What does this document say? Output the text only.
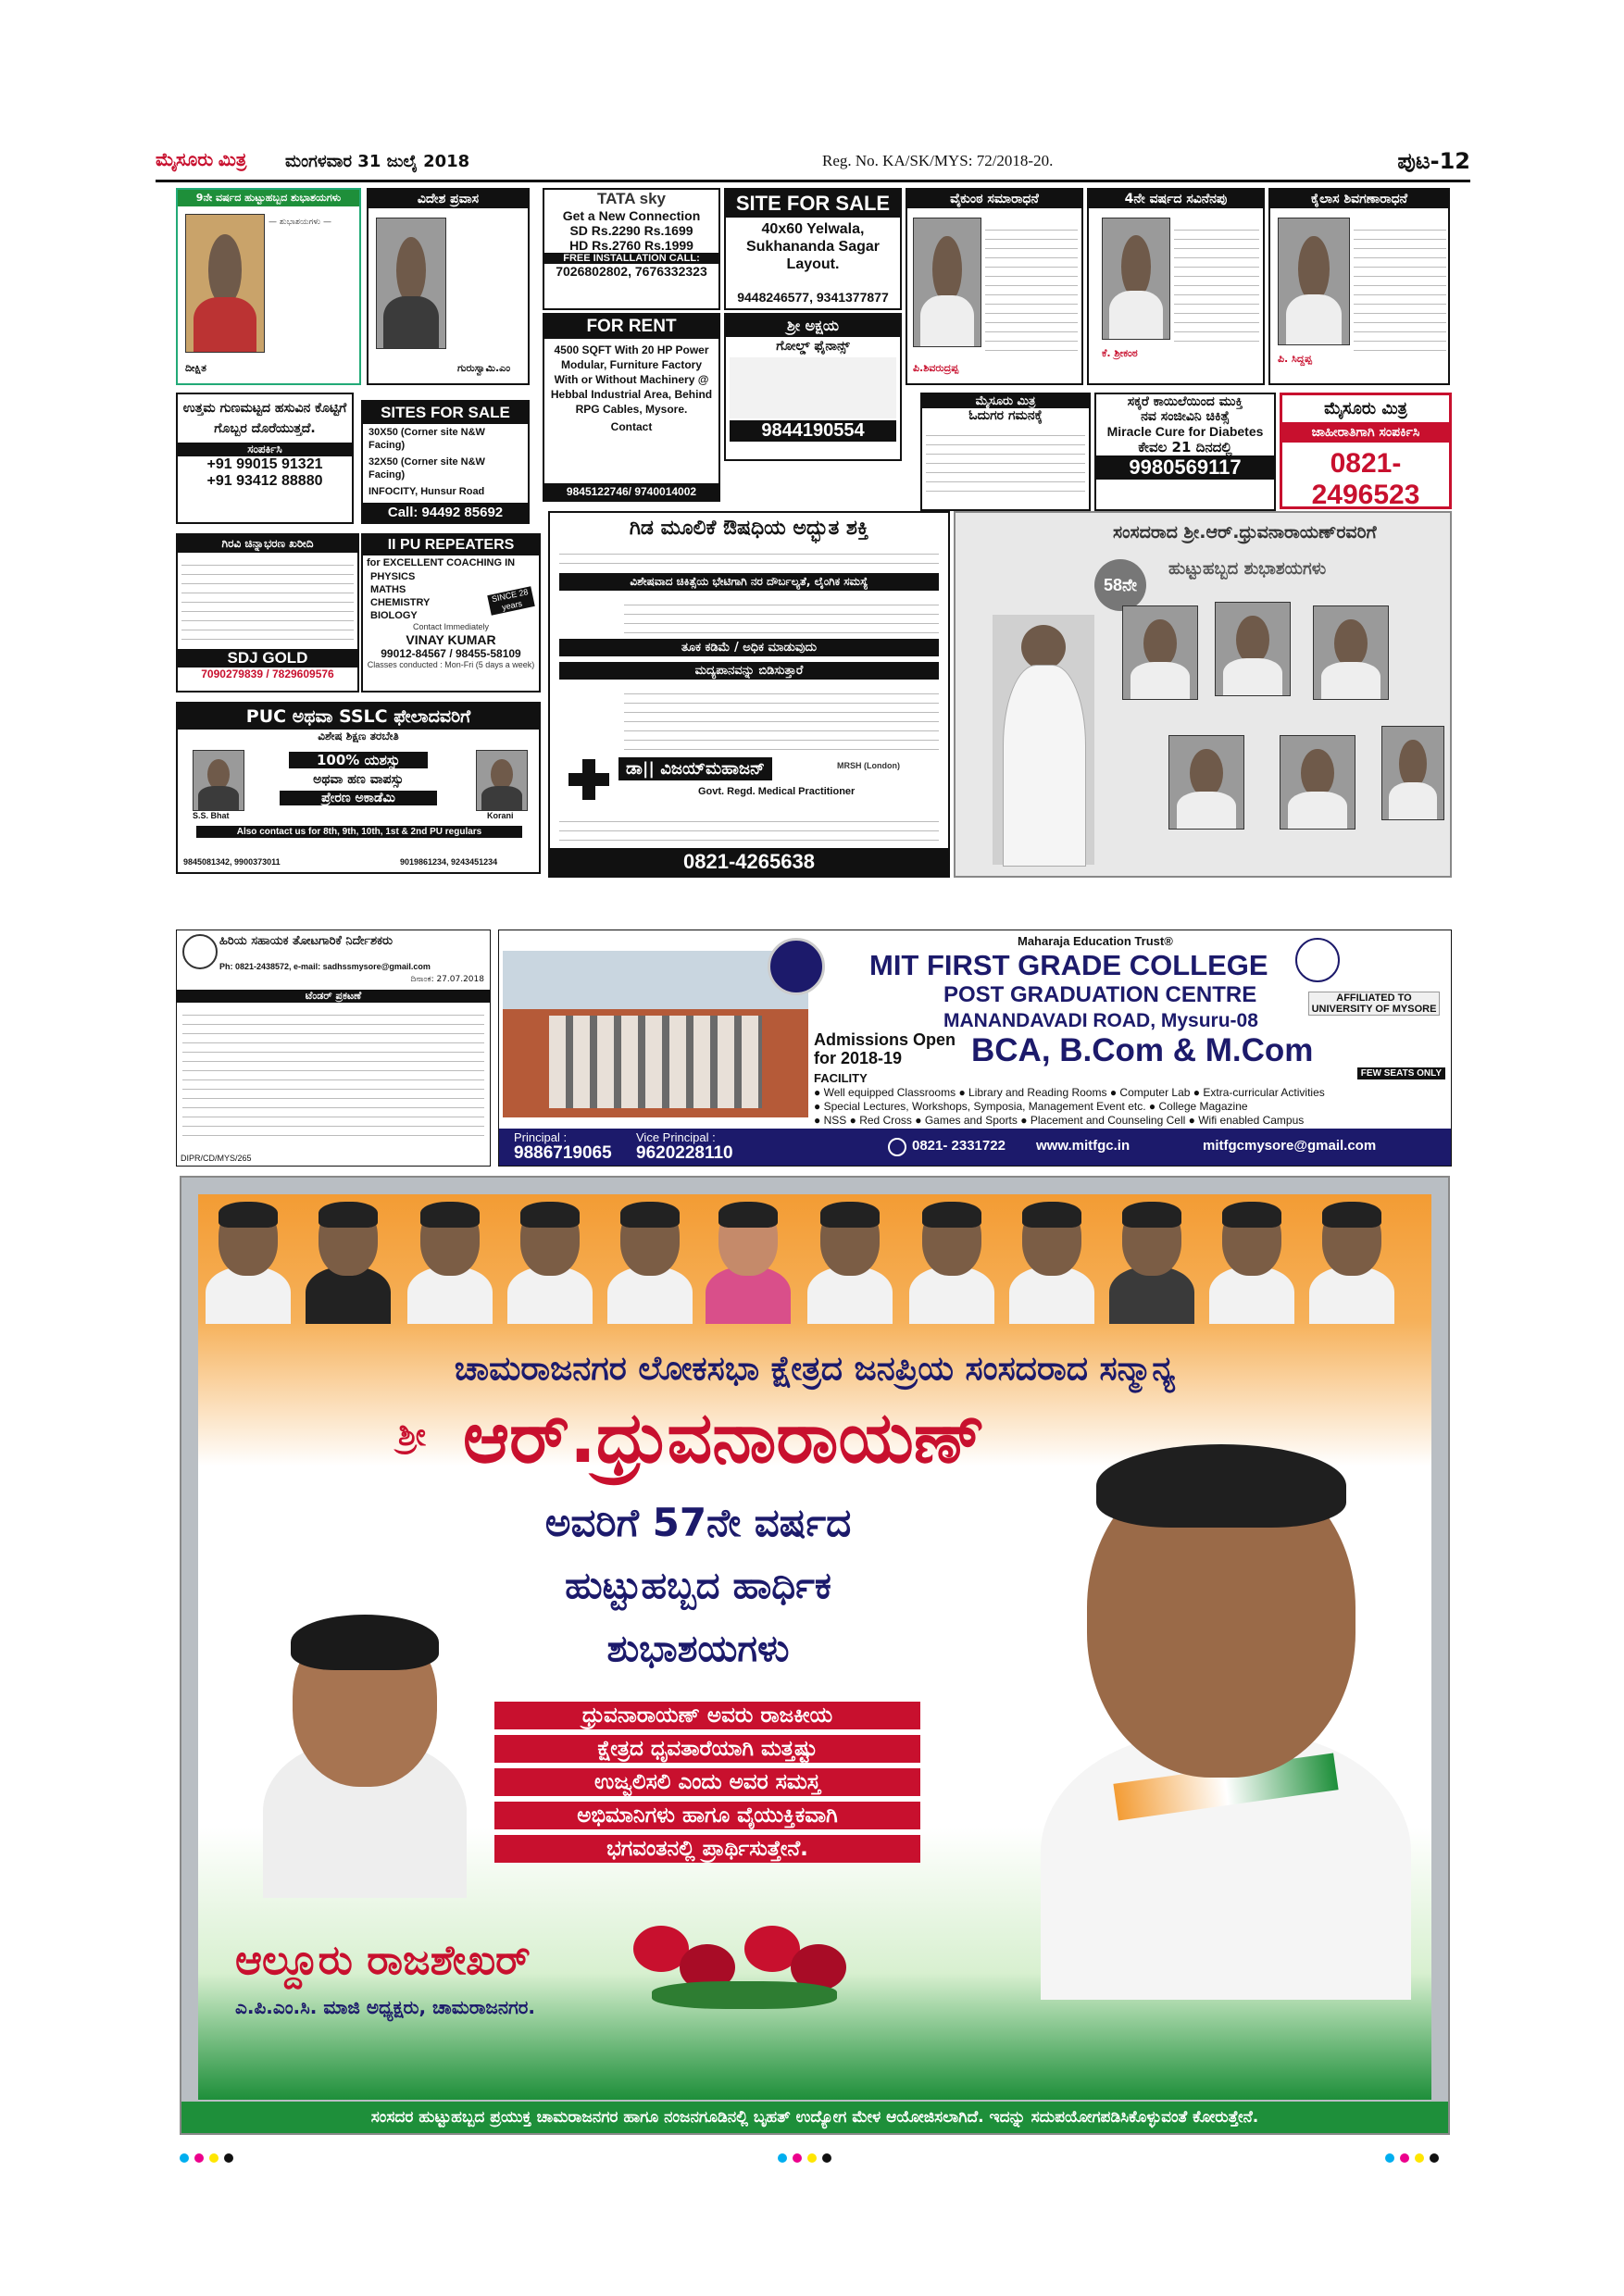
ಮೈಸೂರು ಮಿತ್ರ ಮಂಗಳವಾರ 31 ಜುಲೈ 2018	Reg. No. KA/SK/MYS: 72/2018-20.	ಪುಟ-12
9ನೇ ವರ್ಷದ ಹುಟ್ಟುಹಬ್ಬದ ಶುಭಾಶಯಗಳು
— ಶುಭಾಶಯಗಳು —
ದೀಕ್ಷಿತ
ವಿದೇಶ ಪ್ರವಾಸ
ಗುರುಸ್ವಾಮಿ.ಎಂ
TATA sky
Get a New Connection
SD Rs.2290 Rs.1699
HD Rs.2760 Rs.1999
FREE INSTALLATION CALL:
7026802802, 7676332323
FOR RENT
4500 SQFT With 20 HP Power Modular, Furniture Factory With or Without Machinery @ Hebbal Industrial Area, Behind RPG Cables, Mysore.
Contact
9845122746/ 9740014002
SITE FOR SALE
40x60 Yelwala, Sukhananda Sagar Layout.
9448246577, 9341377877
ಶ್ರೀ ಅಕ್ಷಯ
ಗೋಲ್ಡ್ ಫೈನಾನ್ಸ್
9844190554
ವೈಕುಂಠ ಸಮಾರಾಧನೆ
ಪಿ.ಶಿವರುದ್ರಪ್ಪ
4ನೇ ವರ್ಷದ ಸವಿನೆನಪು
ಕೆ. ಶ್ರೀಕಂಠ
ಕೈಲಾಸ ಶಿವಗಣಾರಾಧನೆ
ಪಿ. ಸಿದ್ದಪ್ಪ
ಉತ್ತಮ ಗುಣಮಟ್ಟದ ಹಸುವಿನ ಕೊಟ್ಟಿಗೆ ಗೊಬ್ಬರ ದೊರೆಯುತ್ತದೆ.
ಸಂಪರ್ಕಿಸಿ
+91 99015 91321
+91 93412 88880
SITES FOR SALE
30X50 (Corner site N&W Facing)
32X50 (Corner site N&W Facing)
INFOCITY, Hunsur Road
Call: 94492 85692
ಮೈಸೂರು ಮಿತ್ರ
ಓದುಗರ ಗಮನಕ್ಕೆ
ಸಕ್ಕರೆ ಕಾಯಿಲೆಯಿಂದ ಮುಕ್ತಿ
ನವ ಸಂಜೀವಿನಿ ಚಿಕಿತ್ಸೆ
Miracle Cure for Diabetes
ಕೇವಲ 21 ದಿನದಲ್ಲಿ
9980569117
ಮೈಸೂರು ಮಿತ್ರ
ಜಾಹೀರಾತಿಗಾಗಿ ಸಂಪರ್ಕಿಸಿ
0821-2496523
ಗಿರವಿ ಚಿನ್ನಾಭರಣ ಖರೀದಿ
SDJ GOLD
7090279839 / 7829609576
II PU REPEATERS
for EXCELLENT COACHING IN
PHYSICS
MATHS
CHEMISTRY
BIOLOGY
SINCE 28 years
Contact Immediately
VINAY KUMAR
99012-84567 / 98455-58109
Classes conducted : Mon-Fri (5 days a week)
ಗಿಡ ಮೂಲಿಕೆ ಔಷಧಿಯ ಅದ್ಭುತ ಶಕ್ತಿ
ವಿಶೇಷವಾದ ಚಿಕಿತ್ಸೆಯ ಭೇಟಿಗಾಗಿ ನರ ದೌರ್ಬಲ್ಯತೆ, ಲೈಂಗಿಕ ಸಮಸ್ಯೆ
ತೂಕ ಕಡಿಮೆ / ಅಧಿಕ ಮಾಡುವುದು
ಮದ್ಯಪಾನವನ್ನು ಬಿಡಿಸುತ್ತಾರೆ
ಡಾ|| ವಿಜಯ್‌ಮಹಾಜನ್	MRSH (London)
Govt. Regd. Medical Practitioner
0821-4265638
58ನೇ
ಸಂಸದರಾದ ಶ್ರೀ.ಆರ್.ಧ್ರುವನಾರಾಯಣ್‌ರವರಿಗೆ
ಹುಟ್ಟುಹಬ್ಬದ ಶುಭಾಶಯಗಳು
PUC ಅಥವಾ SSLC ಫೇಲಾದವರಿಗೆ
ವಿಶೇಷ ಶಿಕ್ಷಣ ತರಬೇತಿ
S.S. Bhat	Korani
100% ಯಶಸ್ಸು
ಅಥವಾ ಹಣ ವಾಪಸ್ಸು
ಪ್ರೇರಣ ಅಕಾಡೆಮಿ
Also contact us for 8th, 9th, 10th, 1st & 2nd PU regulars
9845081342, 9900373011	9019861234, 9243451234
ಹಿರಿಯ ಸಹಾಯಕ ತೋಟಗಾರಿಕೆ ನಿರ್ದೇಶಕರು
Ph: 0821-2438572, e-mail: sadhssmysore@gmail.com
ದಿನಾಂಕ: 27.07.2018
ಟೆಂಡರ್ ಪ್ರಕಟಣೆ
DIPR/CD/MYS/265
Maharaja Education Trust®
MIT FIRST GRADE COLLEGE
POST GRADUATION CENTRE
MANANDAVADI ROAD, Mysuru-08
AFFILIATED TO UNIVERSITY OF MYSORE
Admissions Open for 2018-19	BCA, B.Com & M.Com
FEW SEATS ONLY
FACILITY
● Well equipped Classrooms ● Library and Reading Rooms ● Computer Lab ● Extra-curricular Activities
● Special Lectures, Workshops, Symposia, Management Event etc. ● College Magazine
● NSS ● Red Cross ● Games and Sports ● Placement and Counseling Cell ● Wifi enabled Campus
Principal :
9886719065
Vice Principal :
9620228110	0821- 2331722 www.mitfgc.in	mitfgcmysore@gmail.com
ಚಾಮರಾಜನಗರ ಲೋಕಸಭಾ ಕ್ಷೇತ್ರದ ಜನಪ್ರಿಯ ಸಂಸದರಾದ ಸನ್ಮಾನ್ಯ
ಶ್ರೀ ಆರ್.ಧ್ರುವನಾರಾಯಣ್
ಅವರಿಗೆ 57ನೇ ವರ್ಷದ
ಹುಟ್ಟುಹಬ್ಬದ ಹಾರ್ಧಿಕ
ಶುಭಾಶಯಗಳು
ಧ್ರುವನಾರಾಯಣ್ ಅವರು ರಾಜಕೀಯ
ಕ್ಷೇತ್ರದ ಧೃವತಾರೆಯಾಗಿ ಮತ್ತಷ್ಟು
ಉಜ್ವಲಿಸಲಿ ಎಂದು ಅವರ ಸಮಸ್ತ
ಅಭಿಮಾನಿಗಳು ಹಾಗೂ ವೈಯುಕ್ತಿಕವಾಗಿ
ಭಗವಂತನಲ್ಲಿ ಪ್ರಾರ್ಥಿಸುತ್ತೇನೆ.
ಆಲ್ದೂರು ರಾಜಶೇಖರ್
ಎ.ಪಿ.ಎಂ.ಸಿ. ಮಾಜಿ ಅಧ್ಯಕ್ಷರು, ಚಾಮರಾಜನಗರ.
ಸಂಸದರ ಹುಟ್ಟುಹಬ್ಬದ ಪ್ರಯುಕ್ತ ಚಾಮರಾಜನಗರ ಹಾಗೂ ನಂಜನಗೂಡಿನಲ್ಲಿ ಬೃಹತ್ ಉದ್ಯೋಗ ಮೇಳ ಆಯೋಜಿಸಲಾಗಿದೆ. ಇದನ್ನು ಸದುಪಯೋಗಪಡಿಸಿಕೊಳ್ಳುವಂತೆ ಕೋರುತ್ತೇನೆ.
